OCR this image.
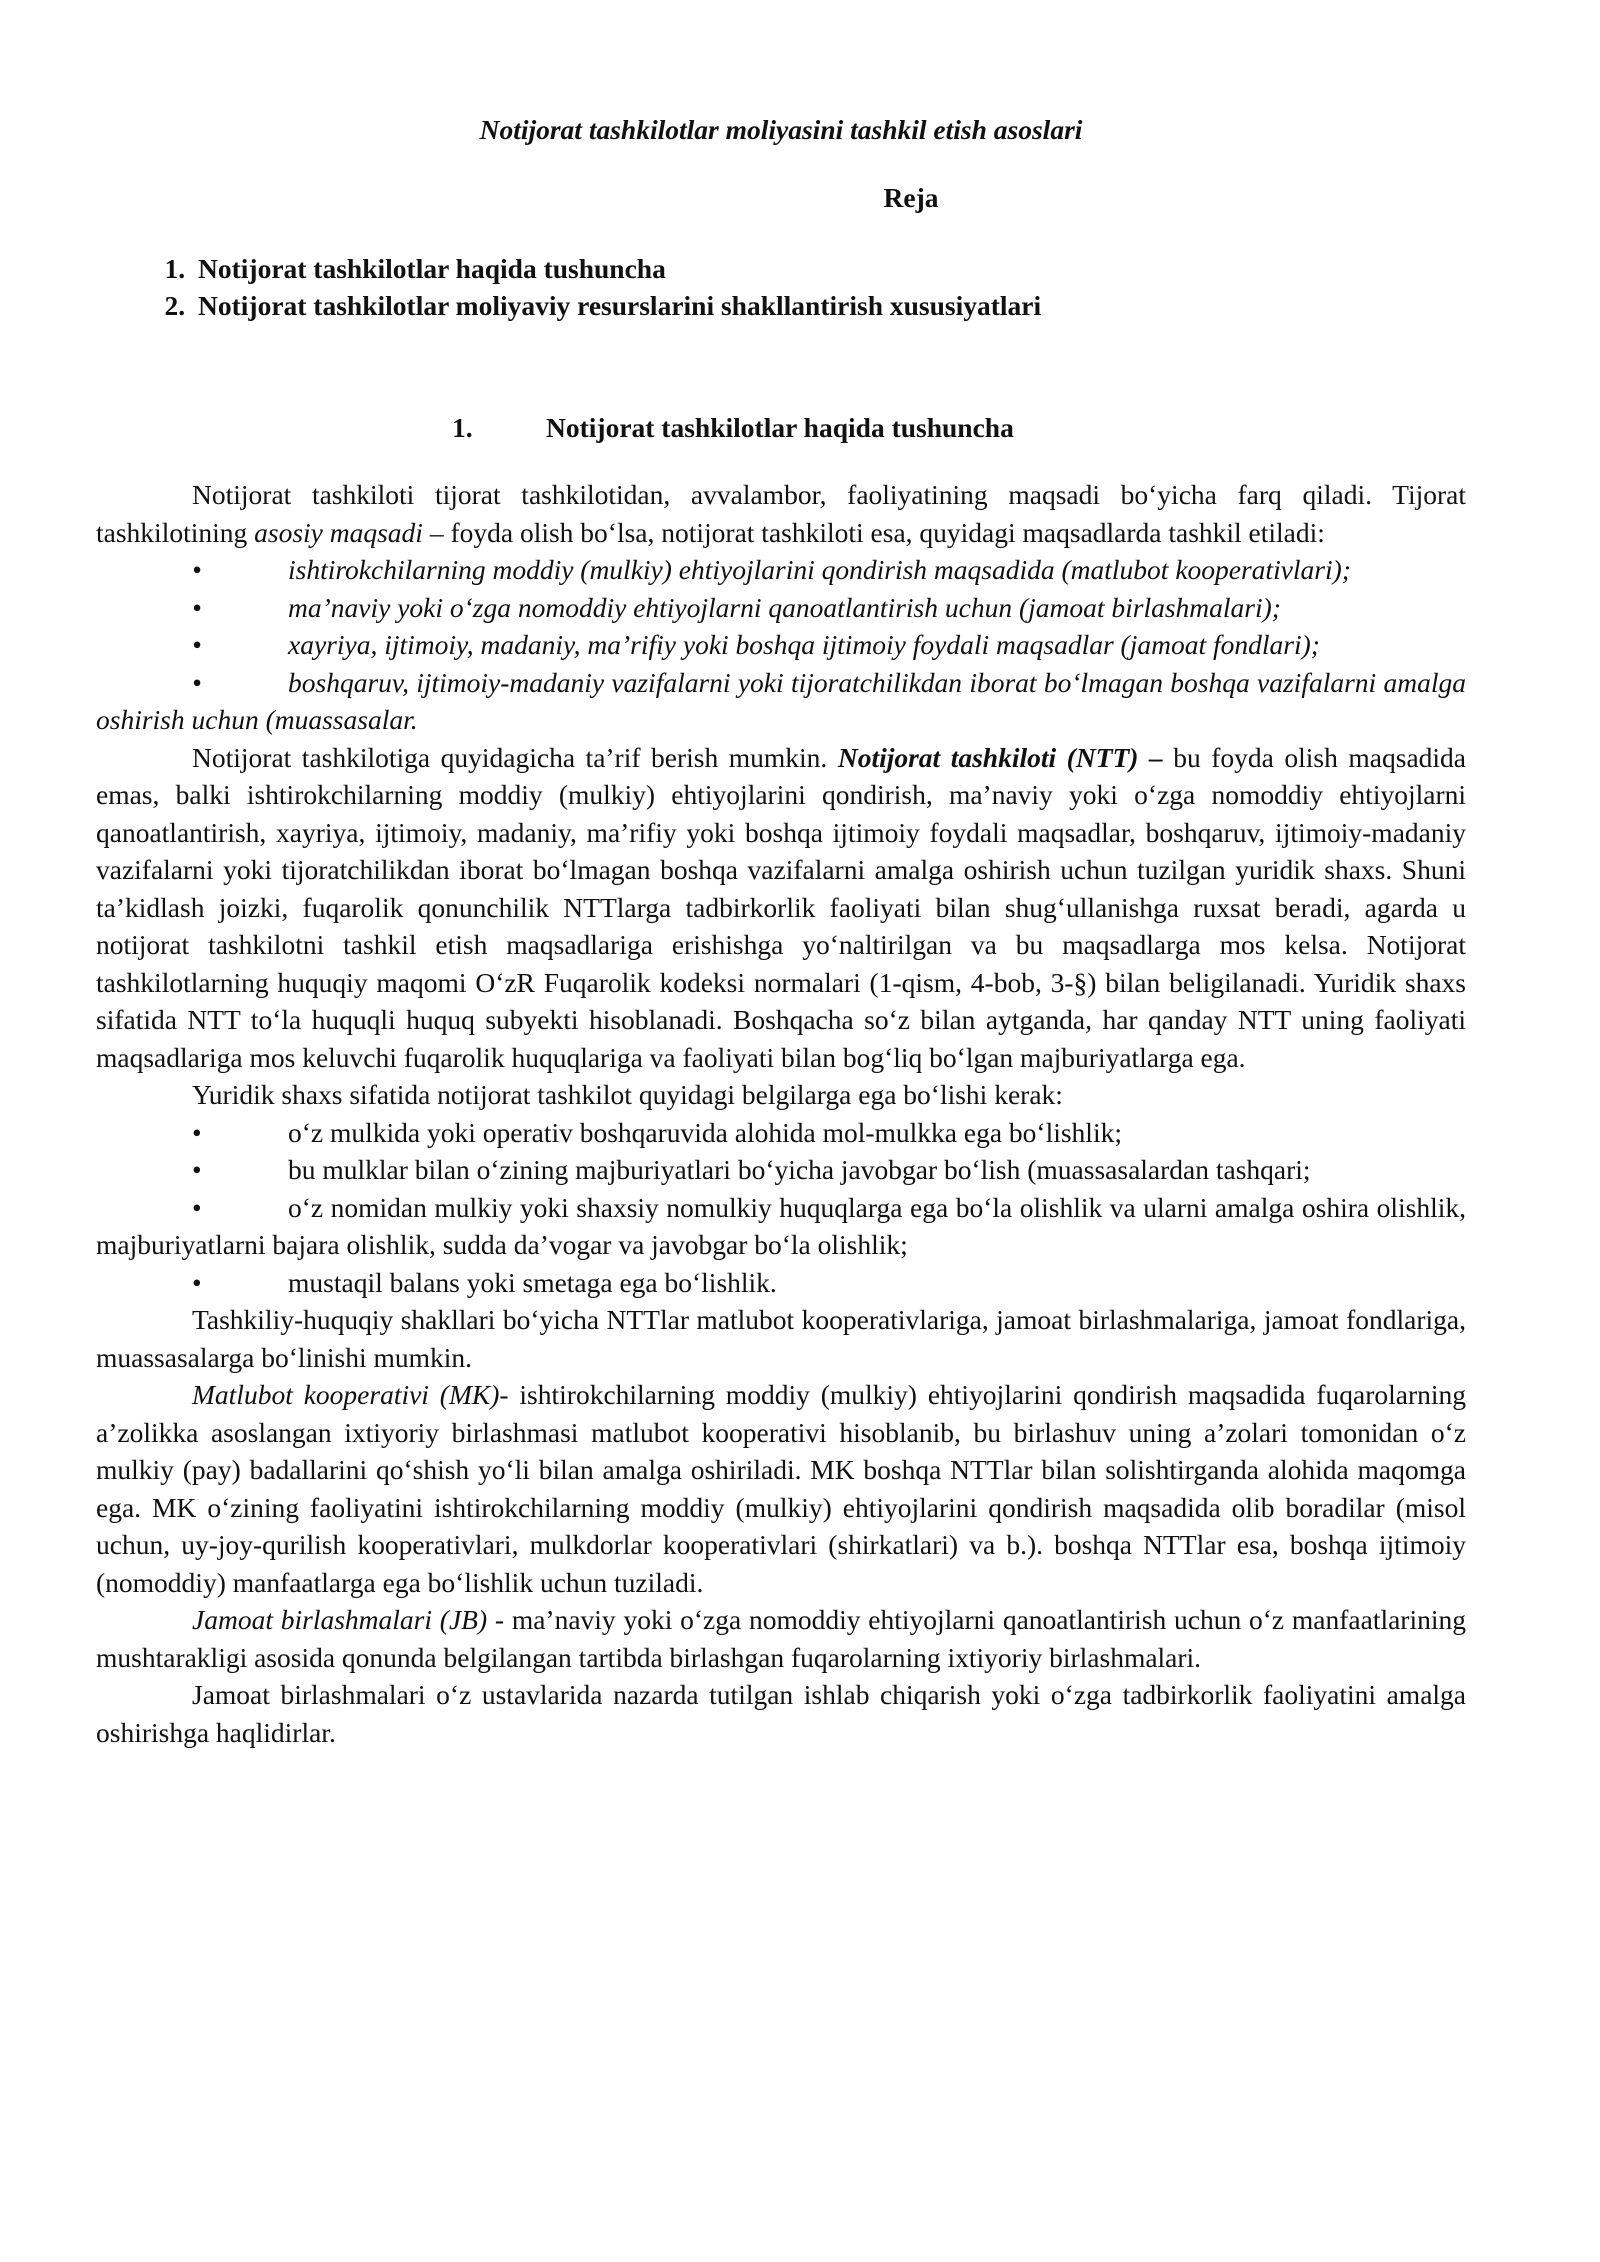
Notijorat tashkilotlar moliyasini tashkil etish asoslari
Reja
1. Notijorat tashkilotlar haqida tushuncha
2. Notijorat tashkilotlar moliyaviy resurslarini shakllantirish xususiyatlari
1.	Notijorat tashkilotlar haqida tushuncha

Notijorat tashkiloti tijorat tashkilotidan, avvalambor, faoliyatining maqsadi bo‘yicha farq qiladi. Tijorat tashkilotining asosiy maqsadi – foyda olish bo‘lsa, notijorat tashkiloti esa, quyidagi maqsadlarda tashkil etiladi:

•	ishtirokchilarning moddiy (mulkiy) ehtiyojlarini qondirish maqsadida (matlubot kooperativlari);
•	ma’naviy yoki o‘zga nomoddiy ehtiyojlarni qanoatlantirish uchun (jamoat birlashmalari);
•	xayriya, ijtimoiy, madaniy, ma’rifiy yoki boshqa ijtimoiy foydali maqsadlar (jamoat fondlari);
•	boshqaruv, ijtimoiy-madaniy vazifalarni yoki tijoratchilikdan iborat bo‘lmagan boshqa vazifalarni amalga oshirish uchun (muassasalar.

Notijorat tashkilotiga quyidagicha ta’rif berish mumkin. Notijorat tashkiloti (NTT) – bu foyda olish maqsadida emas, balki ishtirokchilarning moddiy (mulkiy) ehtiyojlarini qondirish, ma’naviy yoki o‘zga nomoddiy ehtiyojlarni qanoatlantirish, xayriya, ijtimoiy, madaniy, ma’rifiy yoki boshqa ijtimoiy foydali maqsadlar, boshqaruv, ijtimoiy-madaniy vazifalarni yoki tijoratchilikdan iborat bo‘lmagan boshqa vazifalarni amalga oshirish uchun tuzilgan yuridik shaxs. Shuni ta’kidlash joizki, fuqarolik qonunchilik NTTlarga tadbirkorlik faoliyati bilan shug‘ullanishga ruxsat beradi, agarda u notijorat tashkilotni tashkil etish maqsadlariga erishishga yo‘naltirilgan va bu maqsadlarga mos kelsa. Notijorat tashkilotlarning huquqiy maqomi O‘zR Fuqarolik kodeksi normalari (1-qism, 4-bob, 3-§) bilan beligilanadi. Yuridik shaxs sifatida NTT to‘la huquqli huquq subyekti hisoblanadi. Boshqacha so‘z bilan aytganda, har qanday NTT uning faoliyati maqsadlariga mos keluvchi fuqarolik huquqlariga va faoliyati bilan bog‘liq bo‘lgan majburiyatlarga ega.

Yuridik shaxs sifatida notijorat tashkilot quyidagi belgilarga ega bo‘lishi kerak:

•	o‘z mulkida yoki operativ boshqaruvida alohida mol-mulkka ega bo‘lishlik;
•	bu mulklar bilan o‘zining majburiyatlari bo‘yicha javobgar bo‘lish (muassasalardan tashqari;
•	o‘z nomidan mulkiy yoki shaxsiy nomulkiy huquqlarga ega bo‘la olishlik va ularni amalga oshira olishlik, majburiyatlarni bajara olishlik, sudda da’vogar va javobgar bo‘la olishlik;
•	mustaqil balans yoki smetaga ega bo‘lishlik.

Tashkiliy-huquqiy shakllari bo‘yicha NTTlar matlubot kooperativlariga, jamoat birlashmalariga, jamoat fondlariga, muassasalarga bo‘linishi mumkin.

Matlubot kooperativi (MK)- ishtirokchilarning moddiy (mulkiy) ehtiyojlarini qondirish maqsadida fuqarolarning a’zolikka asoslangan ixtiyoriy birlashmasi matlubot kooperativi hisoblanib, bu birlashuv uning a’zolari tomonidan o‘z mulkiy (pay) badallarini qo‘shish yo‘li bilan amalga oshiriladi. MK boshqa NTTlar bilan solishtirganda alohida maqomga ega. MK o‘zining faoliyatini ishtirokchilarning moddiy (mulkiy) ehtiyojlarini qondirish maqsadida olib boradilar (misol uchun, uy-joy-qurilish kooperativlari, mulkdorlar kooperativlari (shirkatlari) va b.). boshqa NTTlar esa, boshqa ijtimoiy (nomoddiy) manfaatlarga ega bo‘lishlik uchun tuziladi.

Jamoat birlashmalari (JB) - ma’naviy yoki o‘zga nomoddiy ehtiyojlarni qanoatlantirish uchun o‘z manfaatlarining mushtarakligi asosida qonunda belgilangan tartibda birlashgan fuqarolarning ixtiyoriy birlashmalari.

Jamoat birlashmalari o‘z ustavlarida nazarda tutilgan ishlab chiqarish yoki o‘zga tadbirkorlik faoliyatini amalga oshirishga haqlidirlar.
